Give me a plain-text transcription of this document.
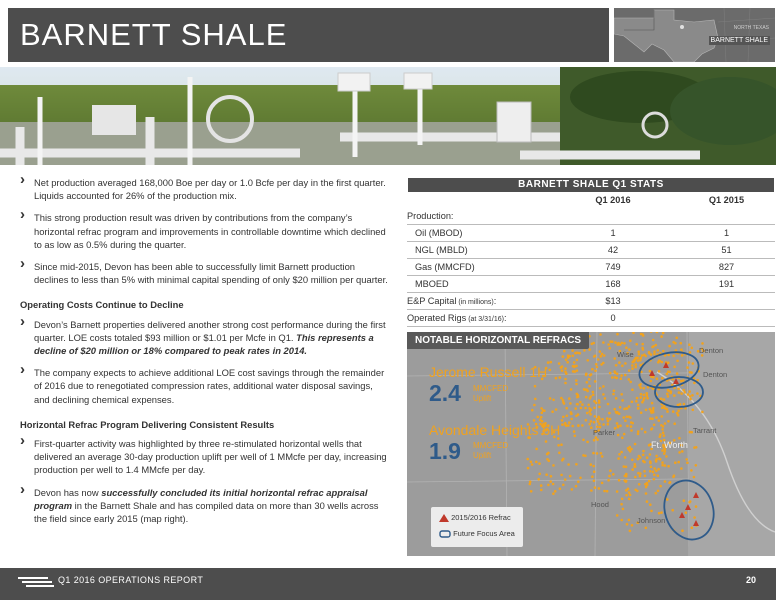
BARNETT SHALE	NORTH TEXAS
BARNETT SHALE
› Net production averaged 168,000 Boe per day or 1.0 Bcfe per day in the first quarter. Liquids accounted for 26% of the production mix.
› This strong production result was driven by contributions from the company’s horizontal refrac program and improvements in controllable downtime which declined to as low as 0.5% during the quarter.
› Since mid-2015, Devon has been able to successfully limit Barnett production declines to less than 5% with minimal capital spending of only $20 million per quarter.
Operating Costs Continue to Decline
› Devon’s Barnett properties delivered another strong cost performance during the first quarter. LOE costs totaled $93 million or $1.01 per Mcfe in Q1. This represents a decline of $20 million or 18% compared to peak rates in 2014.
› The company expects to achieve additional LOE cost savings through the remainder of 2016 due to renegotiated compression rates, additional water disposal savings, and declining chemical expenses.
Horizontal Refrac Program Delivering Consistent Results
› First-quarter activity was highlighted by three re-stimulated horizontal wells that delivered an average 30-day production uplift per well of 1 MMcfe per day, increasing production per well to 1.4 MMcfe per day.
› Devon has now successfully concluded its initial horizontal refrac appraisal program in the Barnett Shale and has compiled data on more than 30 wells across the field since early 2015 (map right).
BARNETT SHALE Q1 STATS
	Q1 2016	Q1 2015
Production:		
Oil (MBOD)	1	1
NGL (MBLD)	42	51
Gas (MMCFD)	749	827
MBOED	168	191
E&P Capital (in millions):	$13	
Operated Rigs (at 3/31/16):	0	
NOTABLE HORIZONTAL REFRACS
Wise	Denton
Denton
Parker	Tarrant
Ft. Worth
Hood
Johnson
Jerome Russell 1H
2.4 MMCFED
Uplift
Avondale Heights 6H
1.9 MMCFED
Uplift
2015/2016 Refrac
Future Focus Area
Q1 2016 OPERATIONS REPORT	20
